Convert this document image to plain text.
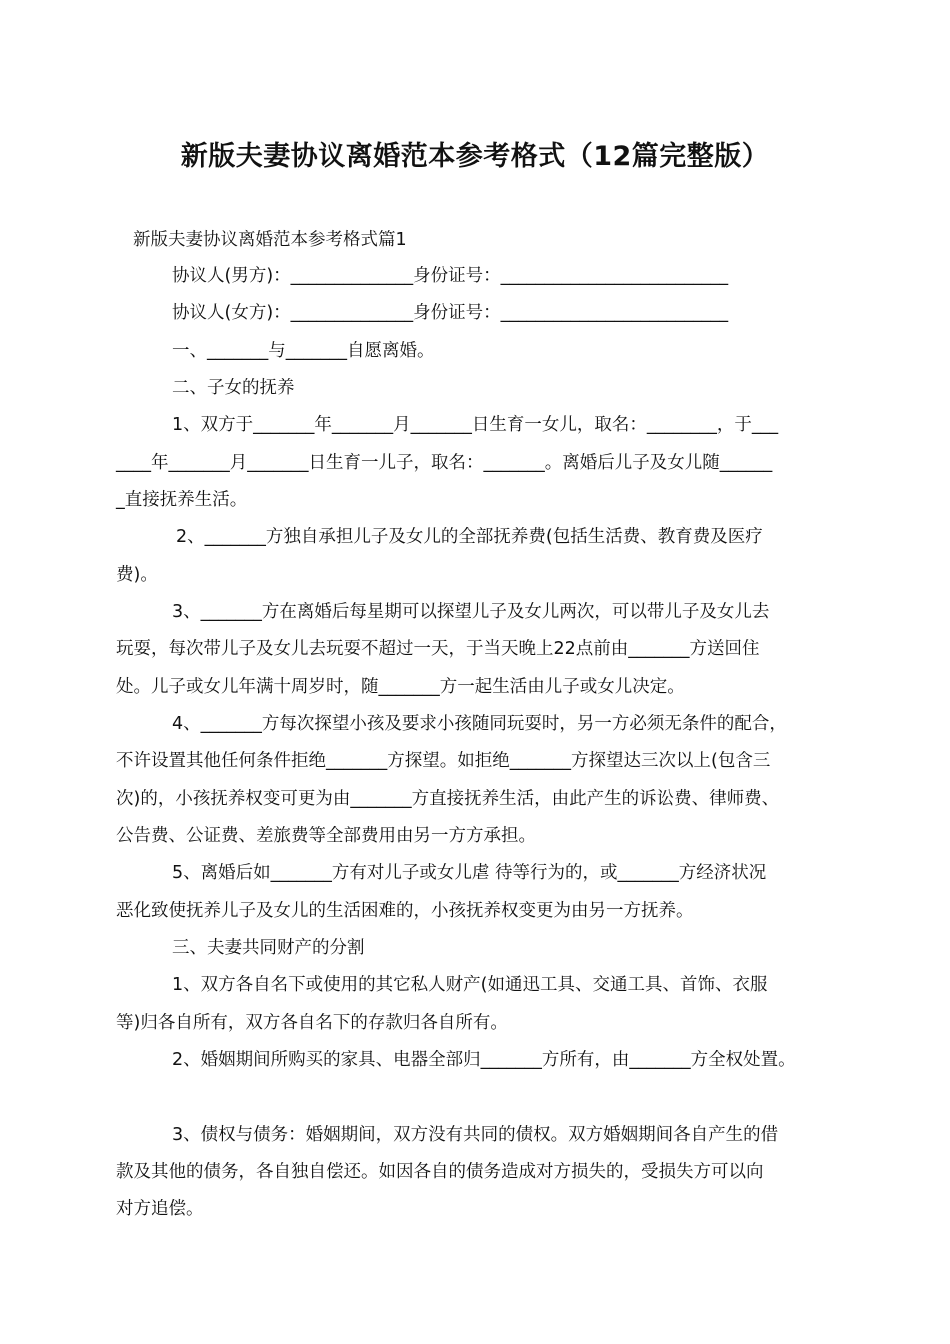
新版夫妻协议离婚范本参考格式（12篇完整版）
新版夫妻协议离婚范本参考格式篇1
协议人(男方)：______________身份证号：__________________________
协议人(女方)：______________身份证号：__________________________
一、_______与_______自愿离婚。
二、子女的抚养
1、双方于_______年_______月_______日生育一女儿，取名：________，于___
____年_______月_______日生育一儿子，取名：_______。离婚后儿子及女儿随______
_直接抚养生活。
2、_______方独自承担儿子及女儿的全部抚养费(包括生活费、教育费及医疗
费)。
3、_______方在离婚后每星期可以探望儿子及女儿两次，可以带儿子及女儿去
玩耍，每次带儿子及女儿去玩耍不超过一天，于当天晚上22点前由_______方送回住
处。儿子或女儿年满十周岁时，随_______方一起生活由儿子或女儿决定。
4、_______方每次探望小孩及要求小孩随同玩耍时，另一方必须无条件的配合，
不许设置其他任何条件拒绝_______方探望。如拒绝_______方探望达三次以上(包含三
次)的，小孩抚养权变可更为由_______方直接抚养生活，由此产生的诉讼费、律师费、
公告费、公证费、差旅费等全部费用由另一方方承担。
5、离婚后如_______方有对儿子或女儿虐 待等行为的，或_______方经济状况
恶化致使抚养儿子及女儿的生活困难的，小孩抚养权变更为由另一方抚养。
三、夫妻共同财产的分割
1、双方各自名下或使用的其它私人财产(如通迅工具、交通工具、首饰、衣服
等)归各自所有，双方各自名下的存款归各自所有。
2、婚姻期间所购买的家具、电器全部归_______方所有，由_______方全权处置。
3、债权与债务：婚姻期间，双方没有共同的债权。双方婚姻期间各自产生的借
款及其他的债务，各自独自偿还。如因各自的债务造成对方损失的，受损失方可以向
对方追偿。
